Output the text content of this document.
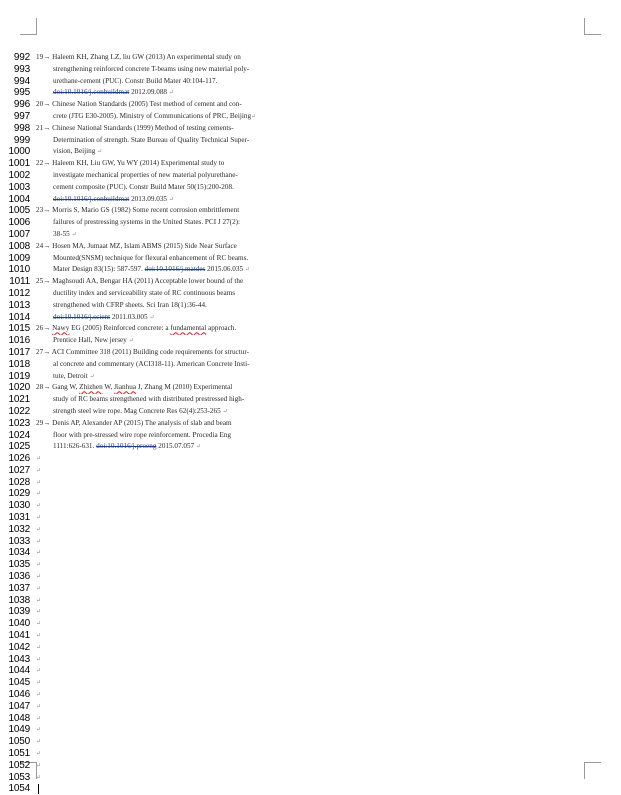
992
993
994
995
996
997
998
999
1000
1001
1002
1003
1004
1005
1006
1007
1008
1009
1010
1011
1012
1013
1014
1015
1016
1017
1018
1019
1020
1021
1022
1023
1024
1025
1026
1027
1028
1029
1030
1031
1032
1033
1034
1035
1036
1037
1038
1039
1040
1041
1042
1043
1044
1045
1046
1047
1048
1049
1050
1051
1052
1053
1054
19→ Haleem KH, Zhang LZ, liu GW (2013) An experimental study on
strengthening reinforced concrete T-beams using new material poly-
urethane-cement (PUC). Constr Build Mater 40:104-117.
doi:10.1016/j.conbuildmat 2012.09.088 ↵
20→ Chinese Nation Standards (2005) Test method of cement and con-
crete (JTG E30-2005). Ministry of Communications of PRC, Beijing↵
21→ Chinese National Standards (1999) Method of testing cements-
Determination of strength. State Bureau of Quality Technical Super-
vision, Beijing ↵
22→ Haleem KH, Liu GW, Yu WY (2014) Experimental study to
investigate mechanical properties of new material polyurethane-
cement composite (PUC). Constr Build Mater 50(15):200-208.
doi:10.1016/j.conbuildmat 2013.09.035 ↵
23→ Morris S, Mario GS (1982) Some recent corrosion embrittlement
failures of prestressing systems in the United States. PCI J 27(2):
38-55 ↵
24→ Hosen MA, Jumaat MZ, Islam ABMS (2015) Side Near Surface
Mounted(SNSM) technique for flexural enhancement of RC beams.
Mater Design 83(15): 587-597. doi:10.1016/j.matdes 2015.06.035 ↵
25→ Maghsoudi AA, Bengar HA (2011) Acceptable lower bound of the
ductility index and serviceability state of RC continuous beams
strengthened with CFRP sheets. Sci Iran 18(1):36-44.
doi:10.1016/j.scient 2011.03.005 ↵
26→ Nawy EG (2005) Reinforced concrete: a fundamental approach.
Prentice Hall, New jersey ↵
27→ ACI Committee 318 (2011) Building code requirements for structur-
al concrete and commentary (ACI318-11). American Concrete Insti-
tute, Detroit ↵
28→ Gang W, Zhizhen W, Jianhua J, Zhang M (2010) Experimental
study of RC beams strengthened with distributed prestressed high-
strength steel wire rope. Mag Concrete Res 62(4):253-265 ↵
29→ Denis AP, Alexander AP (2015) The analysis of slab and beam
floor with pre-stressed wire rope reinforcement. Procedia Eng
1111:626-631. doi:10.1016/j.proeng 2015.07.057 ↵
↵
↵
↵
↵
↵
↵
↵
↵
↵
↵
↵
↵
↵
↵
↵
↵
↵
↵
↵
↵
↵
↵
↵
↵
↵
↵
↵
↵
